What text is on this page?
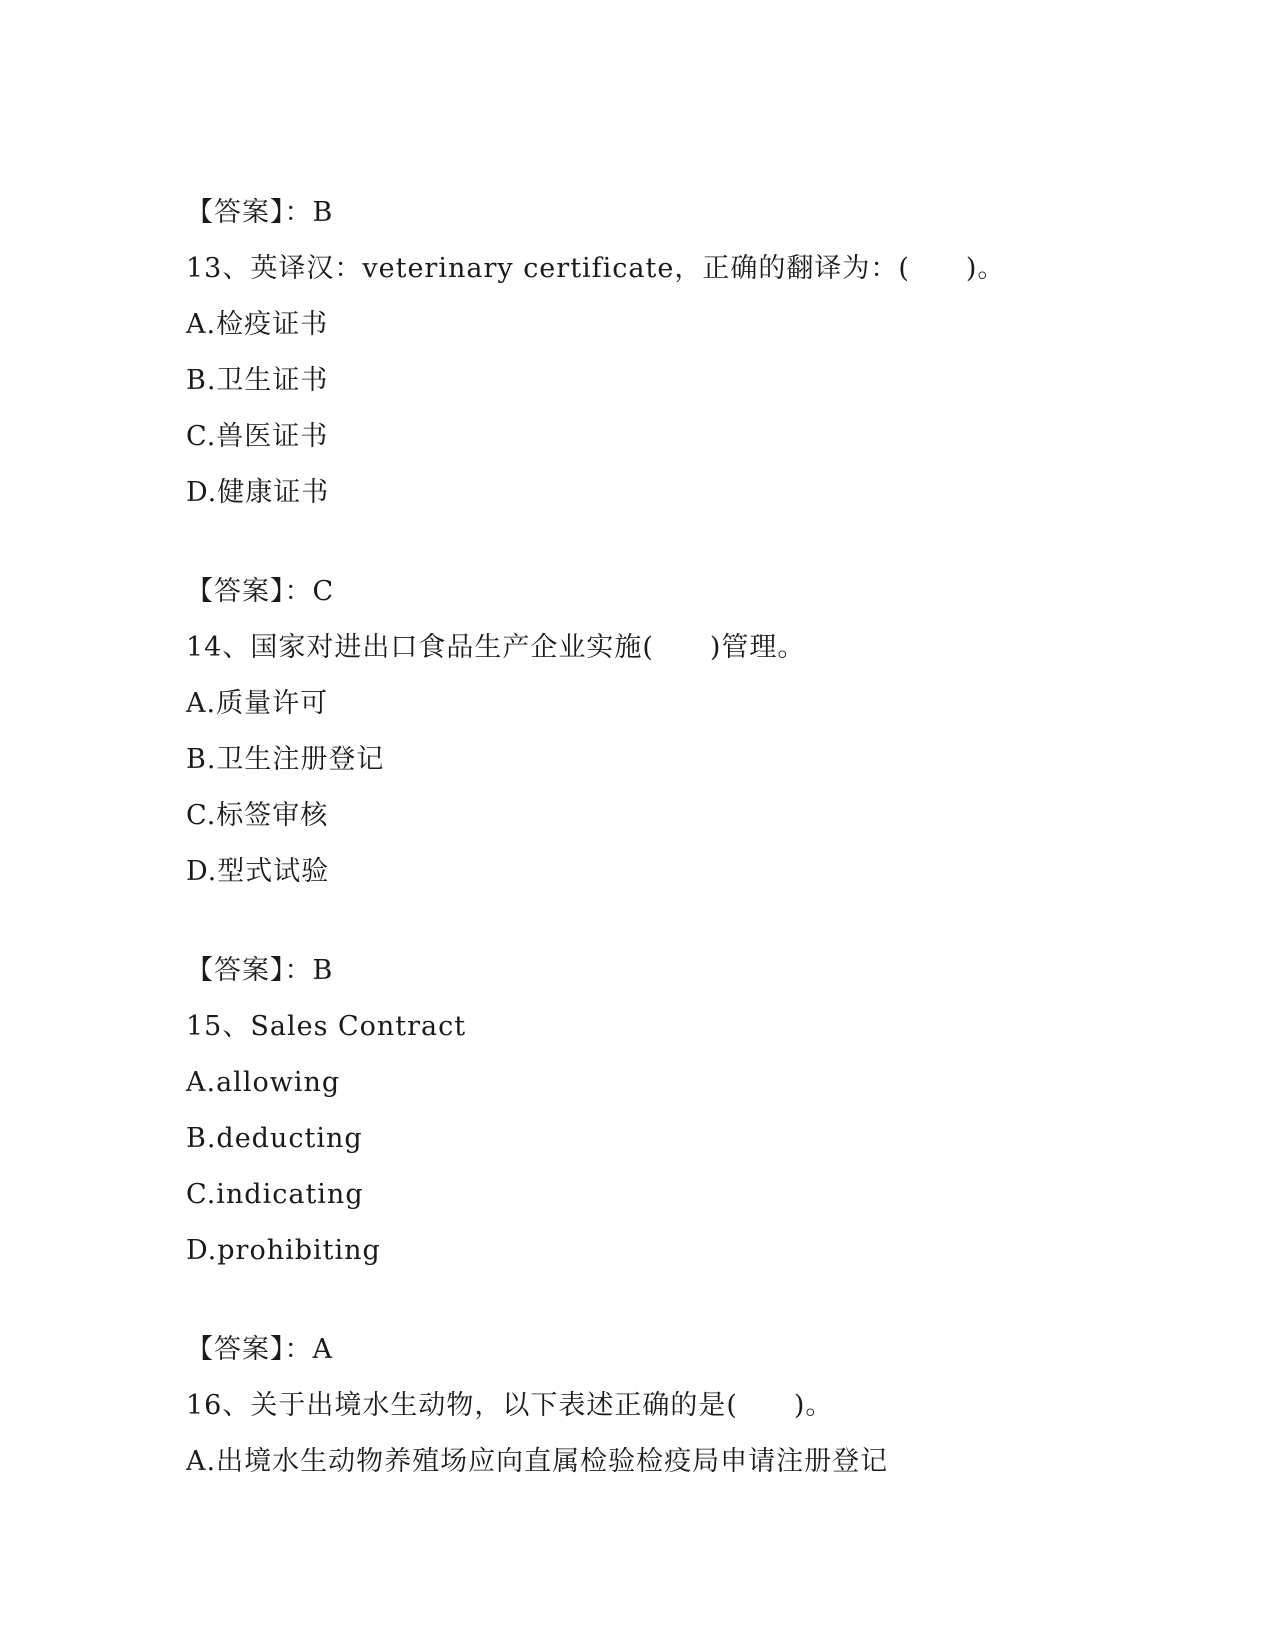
【答案】：B
13、英译汉：veterinary certificate，正确的翻译为：(　　)。
A.检疫证书
B.卫生证书
C.兽医证书
D.健康证书
【答案】：C
14、国家对进出口食品生产企业实施(　　)管理。
A.质量许可
B.卫生注册登记
C.标签审核
D.型式试验
【答案】：B
15、Sales Contract
A.allowing
B.deducting
C.indicating
D.prohibiting
【答案】：A
16、关于出境水生动物，以下表述正确的是(　　)。
A.出境水生动物养殖场应向直属检验检疫局申请注册登记
